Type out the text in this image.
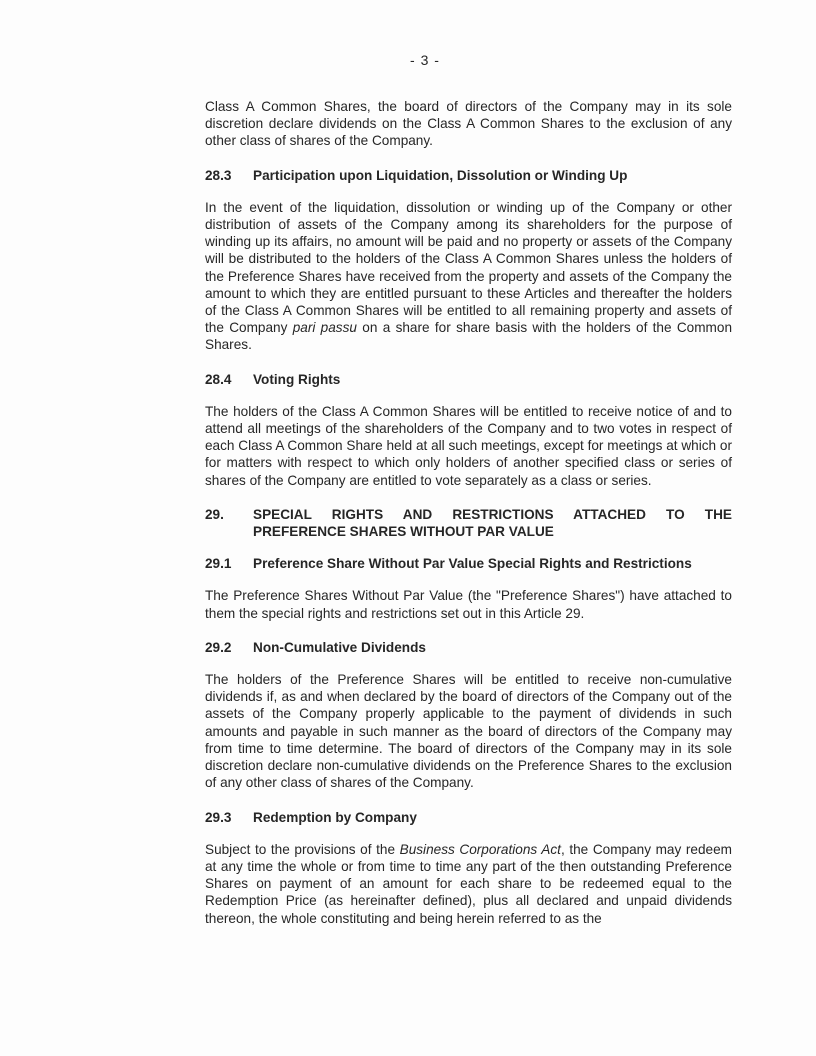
- 3 -

Class A Common Shares, the board of directors of the Company may in its sole discretion declare dividends on the Class A Common Shares to the exclusion of any other class of shares of the Company.

28.3	Participation upon Liquidation, Dissolution or Winding Up

In the event of the liquidation, dissolution or winding up of the Company or other distribution of assets of the Company among its shareholders for the purpose of winding up its affairs, no amount will be paid and no property or assets of the Company will be distributed to the holders of the Class A Common Shares unless the holders of the Preference Shares have received from the property and assets of the Company the amount to which they are entitled pursuant to these Articles and thereafter the holders of the Class A Common Shares will be entitled to all remaining property and assets of the Company pari passu on a share for share basis with the holders of the Common Shares.

28.4	Voting Rights

The holders of the Class A Common Shares will be entitled to receive notice of and to attend all meetings of the shareholders of the Company and to two votes in respect of each Class A Common Share held at all such meetings, except for meetings at which or for matters with respect to which only holders of another specified class or series of shares of the Company are entitled to vote separately as a class or series.

29.	SPECIAL RIGHTS AND RESTRICTIONS ATTACHED TO THE
PREFERENCE SHARES WITHOUT PAR VALUE
29.1	Preference Share Without Par Value Special Rights and Restrictions

The Preference Shares Without Par Value (the "Preference Shares") have attached to them the special rights and restrictions set out in this Article 29.

29.2	Non-Cumulative Dividends

The holders of the Preference Shares will be entitled to receive non-cumulative dividends if, as and when declared by the board of directors of the Company out of the assets of the Company properly applicable to the payment of dividends in such amounts and payable in such manner as the board of directors of the Company may from time to time determine. The board of directors of the Company may in its sole discretion declare non-cumulative dividends on the Preference Shares to the exclusion of any other class of shares of the Company.

29.3	Redemption by Company

Subject to the provisions of the Business Corporations Act, the Company may redeem at any time the whole or from time to time any part of the then outstanding Preference Shares on payment of an amount for each share to be redeemed equal to the Redemption Price (as hereinafter defined), plus all declared and unpaid dividends thereon, the whole constituting and being herein referred to as the
